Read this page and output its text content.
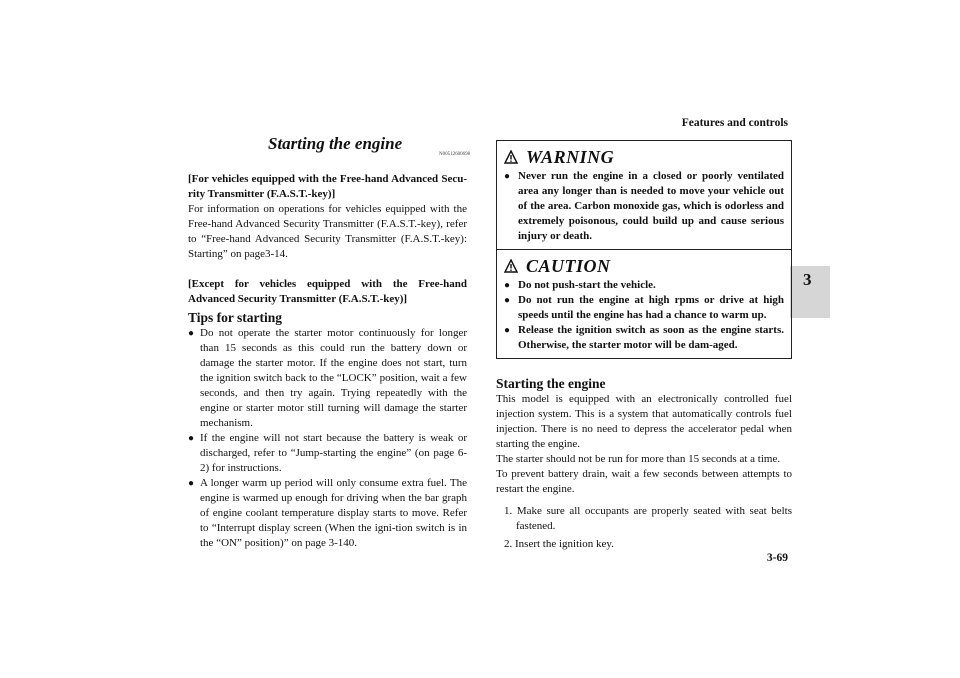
Features and controls
3
Starting the engine
N00512600698

[For vehicles equipped with the Free-hand Advanced Secu-rity Transmitter (F.A.S.T.-key)]

For information on operations for vehicles equipped with the Free-hand Advanced Security Transmitter (F.A.S.T.-key), refer to “Free-hand Advanced Security Transmitter (F.A.S.T.-key): Starting” on page3-14.

[Except for vehicles equipped with the Free-hand Advanced Security Transmitter (F.A.S.T.-key)]

Tips for starting

● Do not operate the starter motor continuously for longer than 15 seconds as this could run the battery down or damage the starter motor. If the engine does not start, turn the ignition switch back to the “LOCK” position, wait a few seconds, and then try again. Trying repeatedly with the engine or starter motor still turning will damage the starter mechanism.
● If the engine will not start because the battery is weak or discharged, refer to “Jump-starting the engine” (on page 6-2) for instructions.
● A longer warm up period will only consume extra fuel. The engine is warmed up enough for driving when the bar graph of engine coolant temperature display starts to move. Refer to “Interrupt display screen (When the igni-tion switch is in the “ON” position)” on page 3-140.
WARNING
● Never run the engine in a closed or poorly ventilated area any longer than is needed to move your vehicle out of the area. Carbon monoxide gas, which is odorless and extremely poisonous, could build up and cause serious injury or death.
CAUTION
● Do not push-start the vehicle.
● Do not run the engine at high rpms or drive at high speeds until the engine has had a chance to warm up.
● Release the ignition switch as soon as the engine starts. Otherwise, the starter motor will be dam-aged.

Starting the engine

This model is equipped with an electronically controlled fuel injection system. This is a system that automatically controls fuel injection. There is no need to depress the accelerator pedal when starting the engine.

The starter should not be run for more than 15 seconds at a time.

To prevent battery drain, wait a few seconds between attempts to restart the engine.

1. Make sure all occupants are properly seated with seat belts fastened.

2. Insert the ignition key.

3-69
